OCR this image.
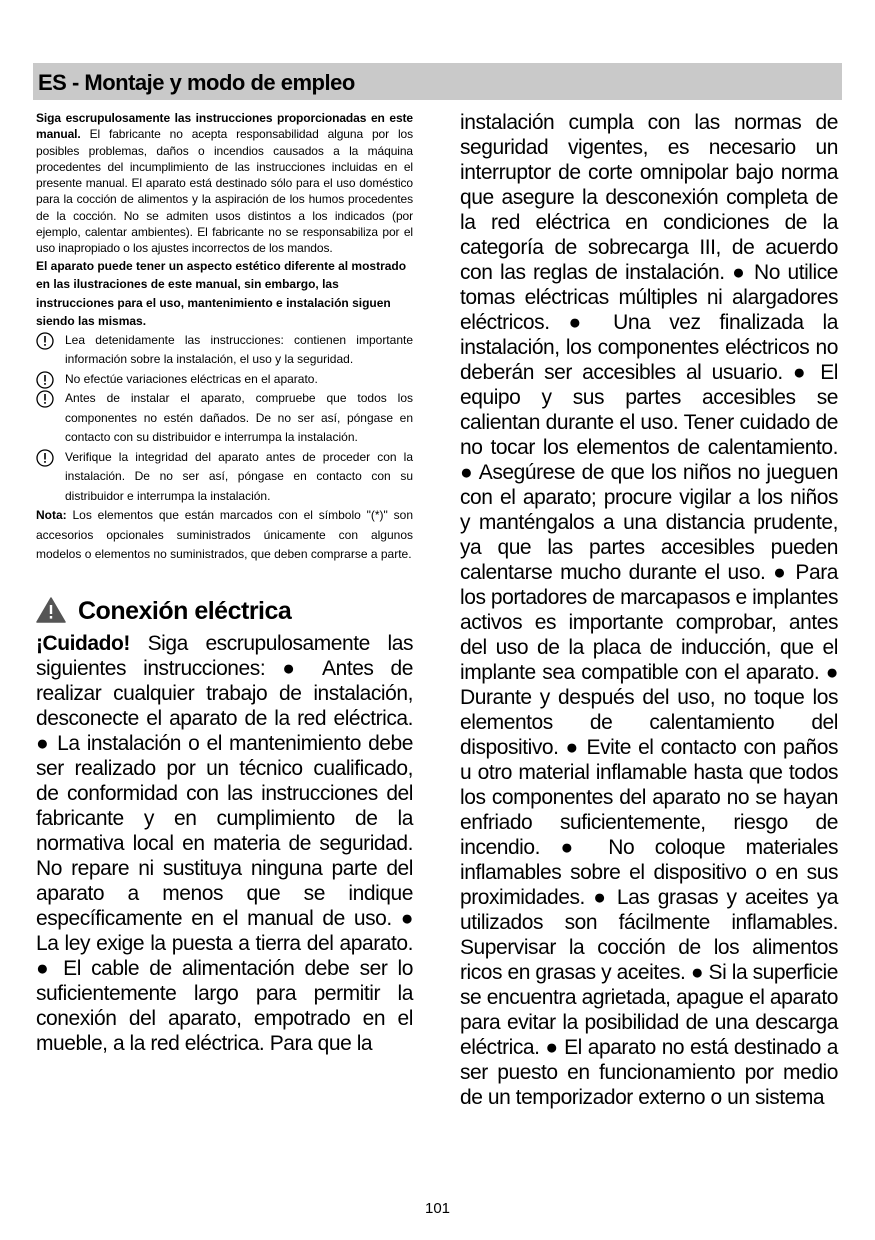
ES - Montaje y modo de empleo

Siga escrupulosamente las instrucciones proporcionadas en este manual. El fabricante no acepta responsabilidad alguna por los posibles problemas, daños o incendios causados a la máquina procedentes del incumplimiento de las instrucciones incluidas en el presente manual. El aparato está destinado sólo para el uso doméstico para la cocción de alimentos y la aspiración de los humos procedentes de la cocción. No se admiten usos distintos a los indicados (por ejemplo, calentar ambientes). El fabricante no se responsabiliza por el uso inapropiado o los ajustes incorrectos de los mandos.

El aparato puede tener un aspecto estético diferente al mostrado en las ilustraciones de este manual, sin embargo, las instrucciones para el uso, mantenimiento e instalación siguen siendo las mismas.

Lea detenidamente las instrucciones: contienen importante información sobre la instalación, el uso y la seguridad.

No efectúe variaciones eléctricas en el aparato.

Antes de instalar el aparato, compruebe que todos los componentes no estén dañados. De no ser así, póngase en contacto con su distribuidor e interrumpa la instalación.

Verifique la integridad del aparato antes de proceder con la instalación. De no ser así, póngase en contacto con su distribuidor e interrumpa la instalación.

Nota: Los elementos que están marcados con el símbolo "(*)" son accesorios opcionales suministrados únicamente con algunos modelos o elementos no suministrados, que deben comprarse a parte.

Conexión eléctrica

¡Cuidado! Siga escrupulosamente las siguientes instrucciones: ● Antes de realizar cualquier trabajo de instalación, desconecte el aparato de la red eléctrica. ● La instalación o el mantenimiento debe ser realizado por un técnico cualificado, de conformidad con las instrucciones del fabricante y en cumplimiento de la normativa local en materia de seguridad. No repare ni sustituya ninguna parte del aparato a menos que se indique específicamente en el manual de uso. ● La ley exige la puesta a tierra del aparato. ● El cable de alimentación debe ser lo suficientemente largo para permitir la conexión del aparato, empotrado en el mueble, a la red eléctrica. Para que la

instalación cumpla con las normas de seguridad vigentes, es necesario un interruptor de corte omnipolar bajo norma que asegure la desconexión completa de la red eléctrica en condiciones de la categoría de sobrecarga III, de acuerdo con las reglas de instalación. ● No utilice tomas eléctricas múltiples ni alargadores eléctricos. ● Una vez finalizada la instalación, los componentes eléctricos no deberán ser accesibles al usuario. ● El equipo y sus partes accesibles se calientan durante el uso. Tener cuidado de no tocar los elementos de calentamiento. ● Asegúrese de que los niños no jueguen con el aparato; procure vigilar a los niños y manténgalos a una distancia prudente, ya que las partes accesibles pueden calentarse mucho durante el uso. ● Para los portadores de marcapasos e implantes activos es importante comprobar, antes del uso de la placa de inducción, que el implante sea compatible con el aparato. ● Durante y después del uso, no toque los elementos de calentamiento del dispositivo. ● Evite el contacto con paños u otro material inflamable hasta que todos los componentes del aparato no se hayan enfriado suficientemente, riesgo de incendio. ● No coloque materiales inflamables sobre el dispositivo o en sus proximidades. ● Las grasas y aceites ya utilizados son fácilmente inflamables. Supervisar la cocción de los alimentos ricos en grasas y aceites. ● Si la superficie se encuentra agrietada, apague el aparato para evitar la posibilidad de una descarga eléctrica. ● El aparato no está destinado a ser puesto en funcionamiento por medio de un temporizador externo o un sistema

101
